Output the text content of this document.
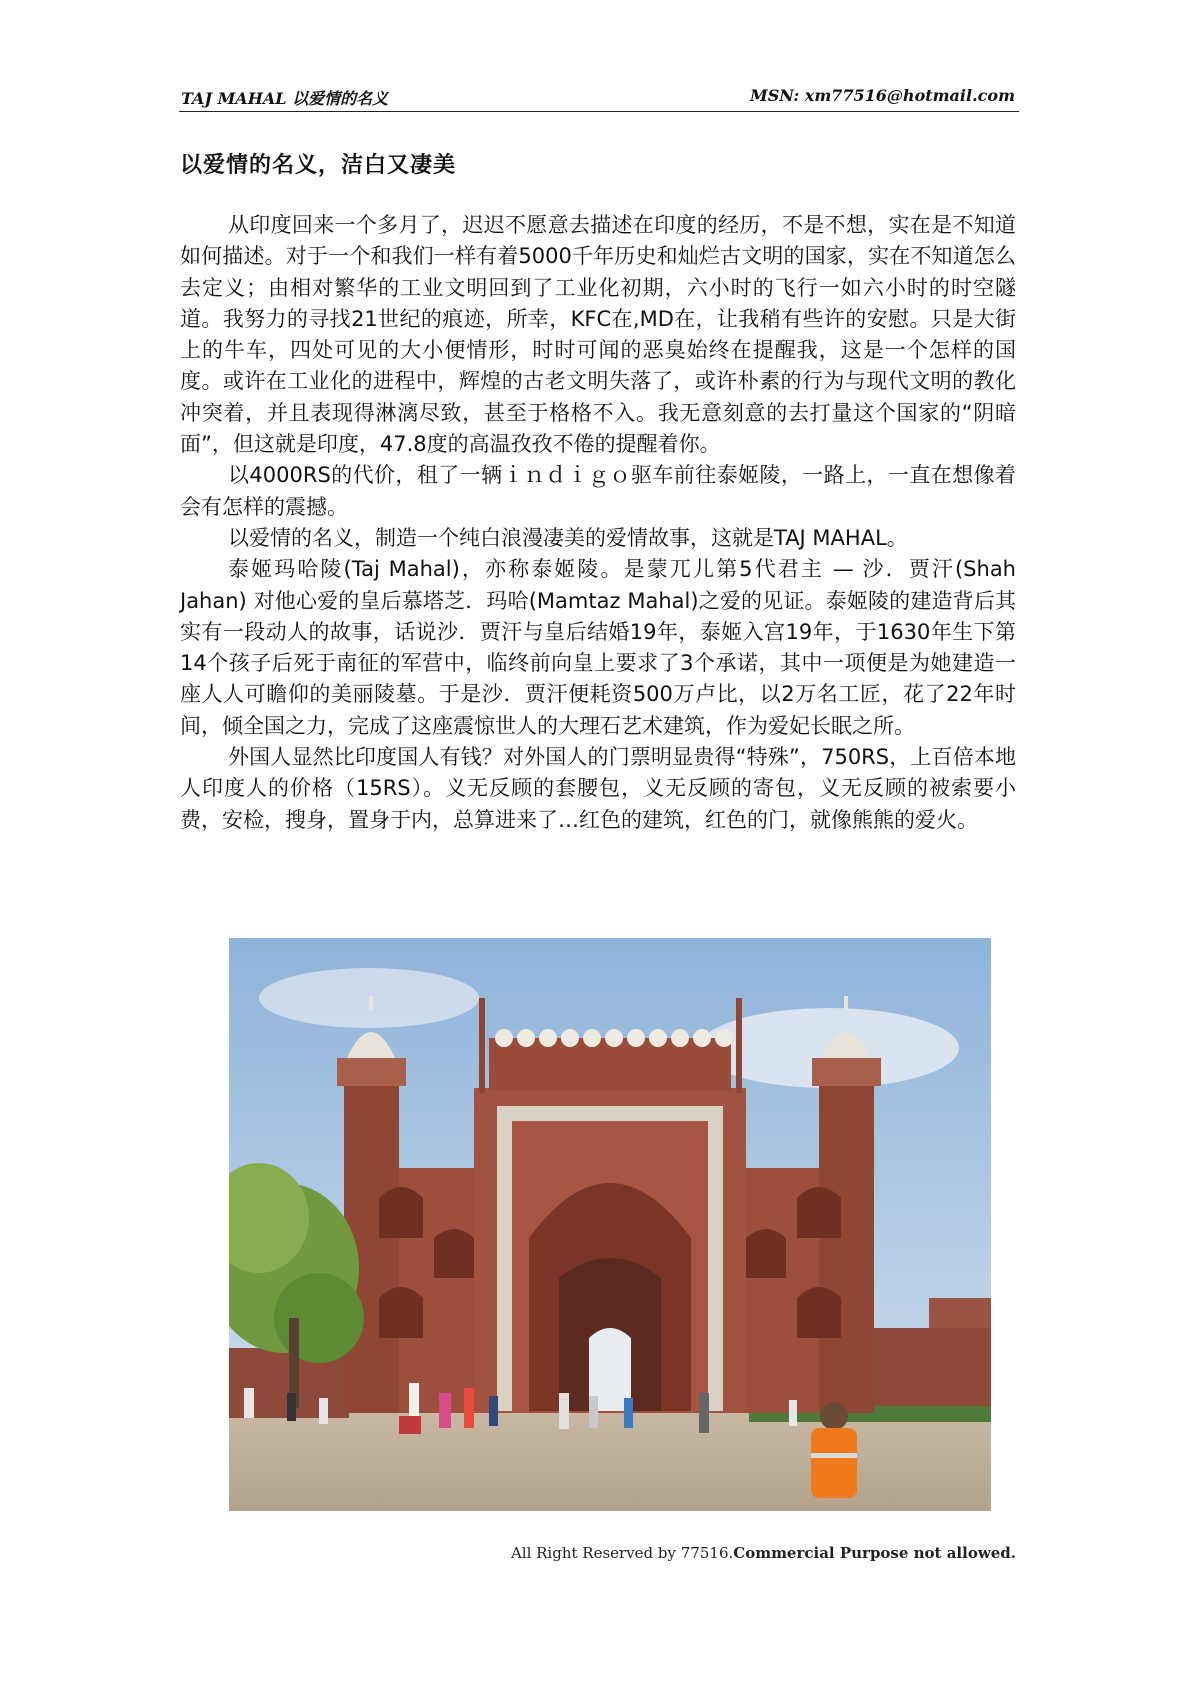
TAJ MAHAL 以爱情的名义	MSN: xm77516@hotmail.com
以爱情的名义，洁白又凄美

从印度回来一个多月了，迟迟不愿意去描述在印度的经历，不是不想，实在是不知道如何描述。对于一个和我们一样有着5000千年历史和灿烂古文明的国家，实在不知道怎么去定义；由相对繁华的工业文明回到了工业化初期，六小时的飞行一如六小时的时空隧道。我努力的寻找21世纪的痕迹，所幸，KFC在,MD在，让我稍有些许的安慰。只是大街上的牛车，四处可见的大小便情形，时时可闻的恶臭始终在提醒我，这是一个怎样的国度。或许在工业化的进程中，辉煌的古老文明失落了，或许朴素的行为与现代文明的教化冲突着，并且表现得淋漓尽致，甚至于格格不入。我无意刻意的去打量这个国家的“阴暗面”，但这就是印度，47.8度的高温孜孜不倦的提醒着你。

以4000RS的代价，租了一辆ｉｎｄｉｇｏ驱车前往泰姬陵，一路上，一直在想像着会有怎样的震撼。

以爱情的名义，制造一个纯白浪漫凄美的爱情故事，这就是TAJ MAHAL。

泰姬玛哈陵(Taj Mahal)，亦称泰姬陵。是蒙兀儿第5代君主 — 沙．贾汗(Shah Jahan) 对他心爱的皇后慕塔芝．玛哈(Mamtaz Mahal)之爱的见证。泰姬陵的建造背后其实有一段动人的故事，话说沙．贾汗与皇后结婚19年，泰姬入宫19年，于1630年生下第14个孩子后死于南征的军营中，临终前向皇上要求了3个承诺，其中一项便是为她建造一座人人可瞻仰的美丽陵墓。于是沙．贾汗便耗资500万卢比，以2万名工匠，花了22年时间，倾全国之力，完成了这座震惊世人的大理石艺术建筑，作为爱妃长眠之所。

外国人显然比印度国人有钱？对外国人的门票明显贵得“特殊”，750RS，上百倍本地人印度人的价格（15RS）。义无反顾的套腰包，义无反顾的寄包，义无反顾的被索要小费，安检，搜身，置身于内，总算进来了…红色的建筑，红色的门，就像熊熊的爱火。

All Right Reserved by 77516.Commercial Purpose not allowed.
